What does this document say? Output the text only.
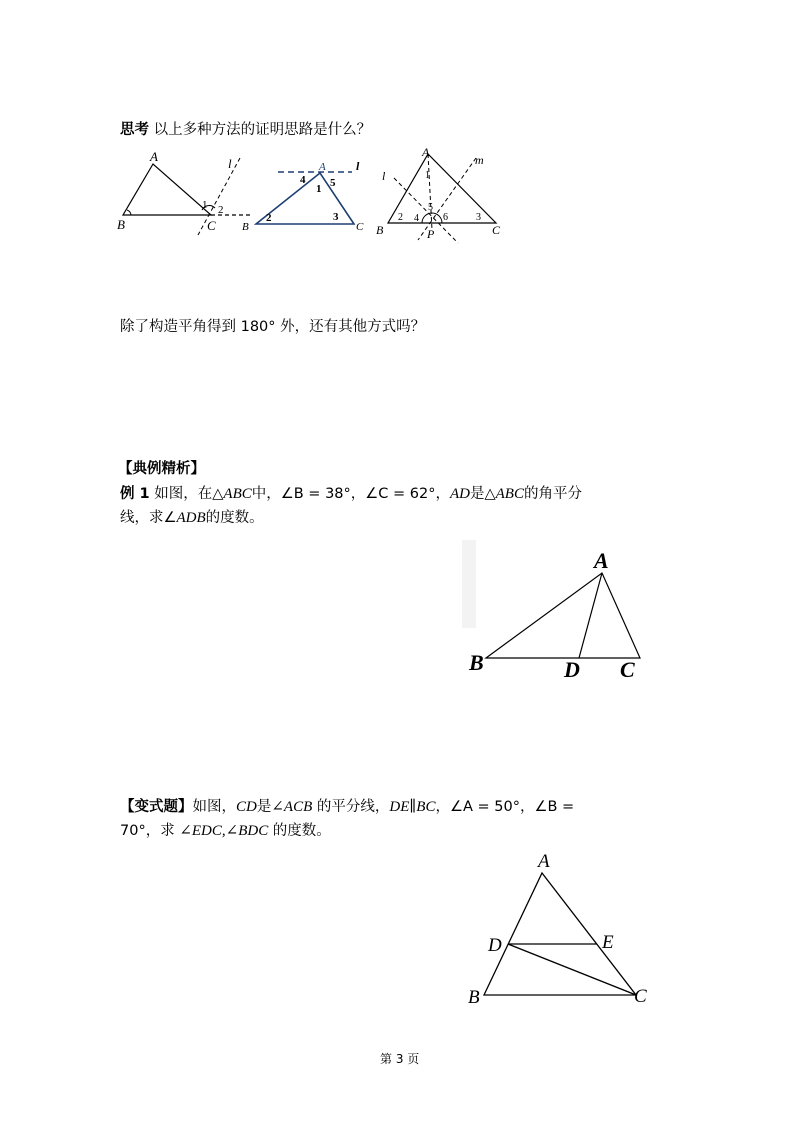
思考 以上多种方法的证明思路是什么？
A
B	C
l
1 2
A	l
B	C
1
2	3
4 5
A
B	C
P
l
m
1
2	3
4
5
6
除了构造平角得到 180° 外，还有其他方式吗？
【典例精析】
例 1 如图，在△ABC中，∠B = 38°，∠C = 62°，AD是△ABC的角平分
线，求∠ADB的度数。
A
B	D C
【变式题】如图，CD是∠ACB 的平分线，DE∥BC，∠A = 50°，∠B =
70°，求 ∠EDC,∠BDC 的度数。
A
D	E
B	C
第 3 页
